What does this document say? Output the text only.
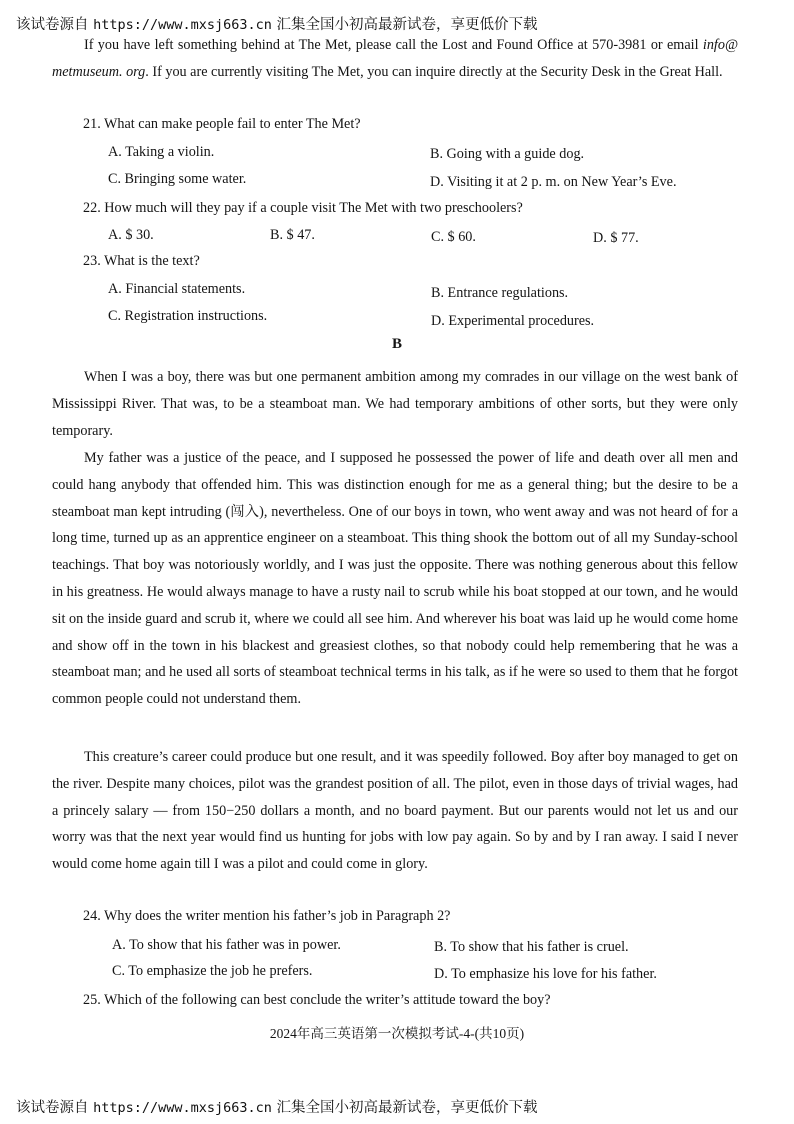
该试卷源自 https://www.mxsj663.cn 汇集全国小初高最新试卷，享更低价下载

If you have left something behind at The Met, please call the Lost and Found Office at 570-3981 or email info@ metmuseum. org. If you are currently visiting The Met, you can inquire directly at the Security Desk in the Great Hall.

21. What can make people fail to enter The Met?
A. Taking a violin.	B. Going with a guide dog.
C. Bringing some water.	D. Visiting it at 2 p. m. on New Year’s Eve.
22. How much will they pay if a couple visit The Met with two preschoolers?
A. $ 30.	B. $ 47.	C. $ 60.	D. $ 77.
23. What is the text?
A. Financial statements.	B. Entrance regulations.
C. Registration instructions.	D. Experimental procedures.
B

When I was a boy, there was but one permanent ambition among my comrades in our village on the west bank of Mississippi River. That was, to be a steamboat man. We had temporary ambitions of other sorts, but they were only temporary.

My father was a justice of the peace, and I supposed he possessed the power of life and death over all men and could hang anybody that offended him. This was distinction enough for me as a general thing; but the desire to be a steamboat man kept intruding (闯入), nevertheless. One of our boys in town, who went away and was not heard of for a long time, turned up as an apprentice engineer on a steamboat. This thing shook the bottom out of all my Sunday-school teachings. That boy was notoriously worldly, and I was just the opposite. There was nothing generous about this fellow in his greatness. He would always manage to have a rusty nail to scrub while his boat stopped at our town, and he would sit on the inside guard and scrub it, where we could all see him. And wherever his boat was laid up he would come home and show off in the town in his blackest and greasiest clothes, so that nobody could help remembering that he was a steamboat man; and he used all sorts of steamboat technical terms in his talk, as if he were so used to them that he forgot common people could not understand them.

This creature’s career could produce but one result, and it was speedily followed. Boy after boy managed to get on the river. Despite many choices, pilot was the grandest position of all. The pilot, even in those days of trivial wages, had a princely salary — from 150−250 dollars a month, and no board payment. But our parents would not let us and our worry was that the next year would find us hunting for jobs with low pay again. So by and by I ran away. I said I never would come home again till I was a pilot and could come in glory.

24. Why does the writer mention his father’s job in Paragraph 2?
A. To show that his father was in power.	B. To show that his father is cruel.
C. To emphasize the job he prefers.	D. To emphasize his love for his father.
25. Which of the following can best conclude the writer’s attitude toward the boy?
2024年高三英语第一次模拟考试-4-(共10页)
该试卷源自 https://www.mxsj663.cn 汇集全国小初高最新试卷，享更低价下载
